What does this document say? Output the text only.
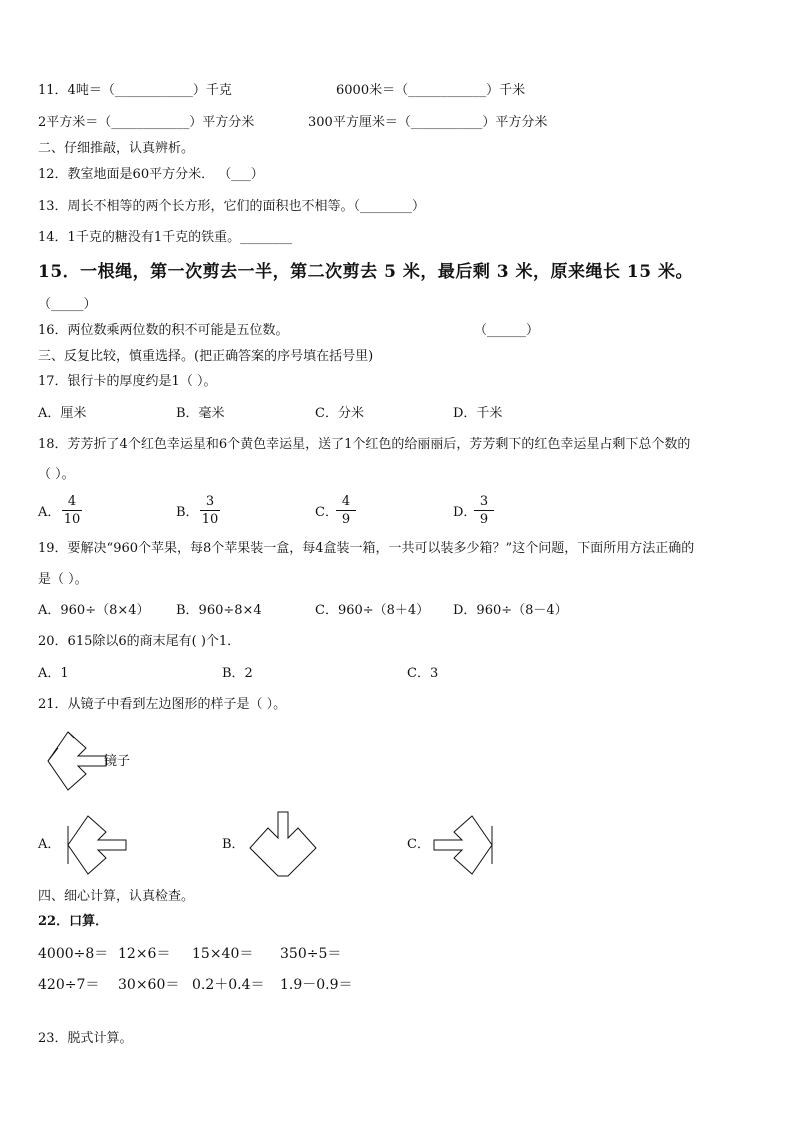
11．4吨＝（____________）千克	6000米＝（____________）千米
2平方米＝（____________）平方分米	300平方厘米＝（___________）平方分米
二、仔细推敲，认真辨析。
12．教室地面是60平方分米． （___）
13．周长不相等的两个长方形，它们的面积也不相等。（________）
14．1千克的糖没有1千克的铁重。________
15．一根绳，第一次剪去一半，第二次剪去 5 米，最后剩 3 米，原来绳长 15 米。
（_____）
16．两位数乘两位数的积不可能是五位数。	（______）
三、反复比较，慎重选择。(把正确答案的序号填在括号里)
17．银行卡的厚度约是1（ ）。
A．厘米	B．毫米	C．分米	D．千米
18．芳芳折了4个红色幸运星和6个黄色幸运星，送了1个红色的给丽丽后，芳芳剩下的红色幸运星占剩下总个数的
（ ）。
A．
4
10	B．
3
10	C．
4
9	D．
3
9
19．要解决“960个苹果，每8个苹果装一盒，每4盒装一箱，一共可以装多少箱？”这个问题，下面所用方法正确的
是（ ）。
A．960÷（8×4） B．960÷8×4	C．960÷（8＋4） D．960÷（8－4）
20．615除以6的商末尾有( )个1．
A．1	B．2	C．3
21．从镜子中看到左边图形的样子是（ ）。
镜子
A．	B．	C．
四、细心计算，认真检查。
22．口算．
4000÷8＝ 12×6＝ 15×40＝ 350÷5＝
420÷7＝ 30×60＝ 0.2＋0.4＝ 1.9－0.9＝
23．脱式计算。
